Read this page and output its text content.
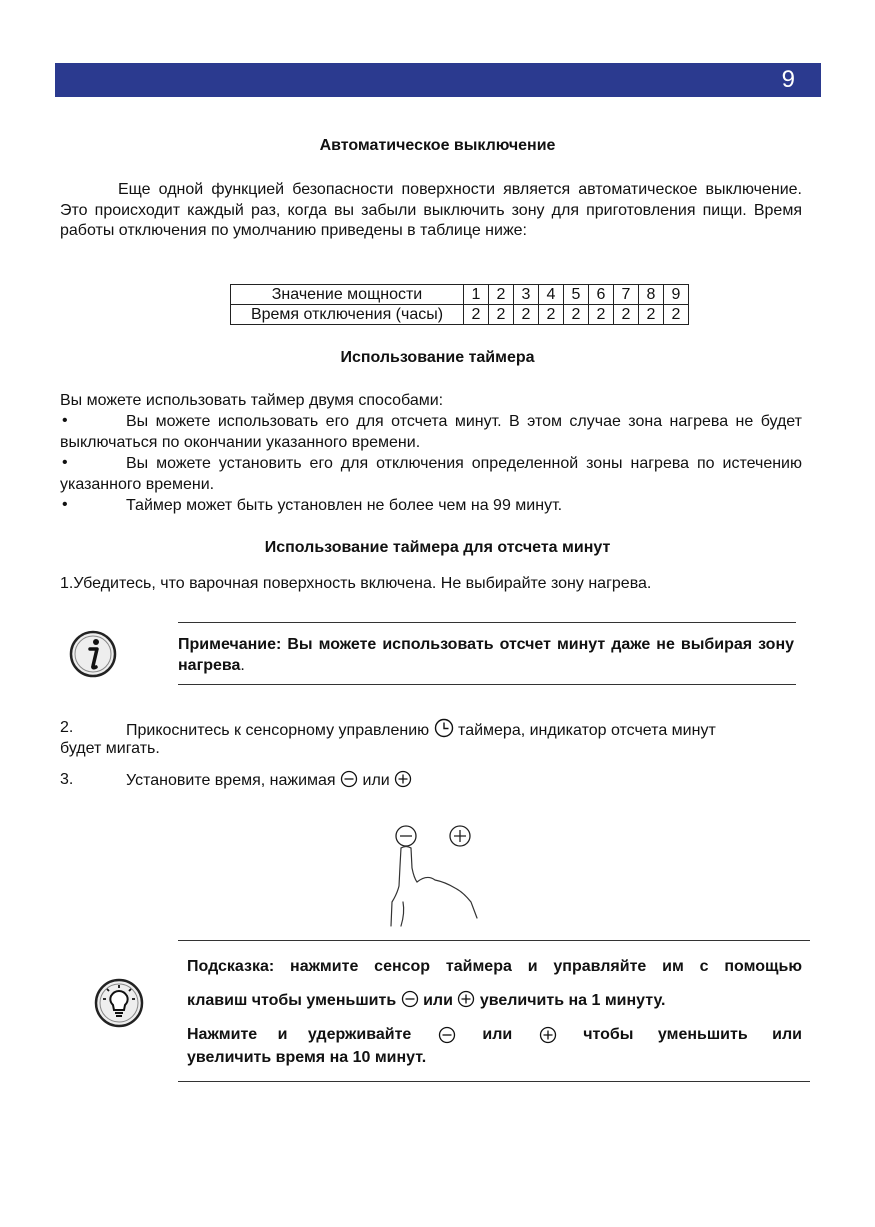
9
Автоматическое выключение
Еще одной функцией безопасности поверхности является автоматическое выключение. Это происходит каждый раз, когда вы забыли выключить зону для приготовления пищи. Время работы отключения по умолчанию приведены в таблице ниже:
Значение мощности	1	2	3	4	5	6	7	8	9
Время отключения (часы)	2	2	2	2	2	2	2	2	2
Использование таймера
Вы можете использовать таймер двумя способами:
•	Вы можете использовать его для отсчета минут. В этом случае зона нагрева не будет выключаться по окончании указанного времени.
•	Вы можете установить его для отключения определенной зоны нагрева по истечению указанного времени.
•	Таймер может быть установлен не более чем на 99 минут.
Использование таймера для отсчета минут
1.Убедитесь, что варочная поверхность включена. Не выбирайте зону нагрева.
Примечание: Вы можете использовать отсчет минут даже не выбирая зону нагрева.
2.	Прикоснитесь к сенсорному управлению таймера, индикатор отсчета минут
будет мигать.
3.	Установите время, нажимая или
Подсказка: нажмите сенсор таймера и управляйте им с помощью
клавиш чтобы уменьшить или увеличить на 1 минуту.
Нажмите и удерживайте	или	чтобы уменьшить или
увеличить время на 10 минут.
